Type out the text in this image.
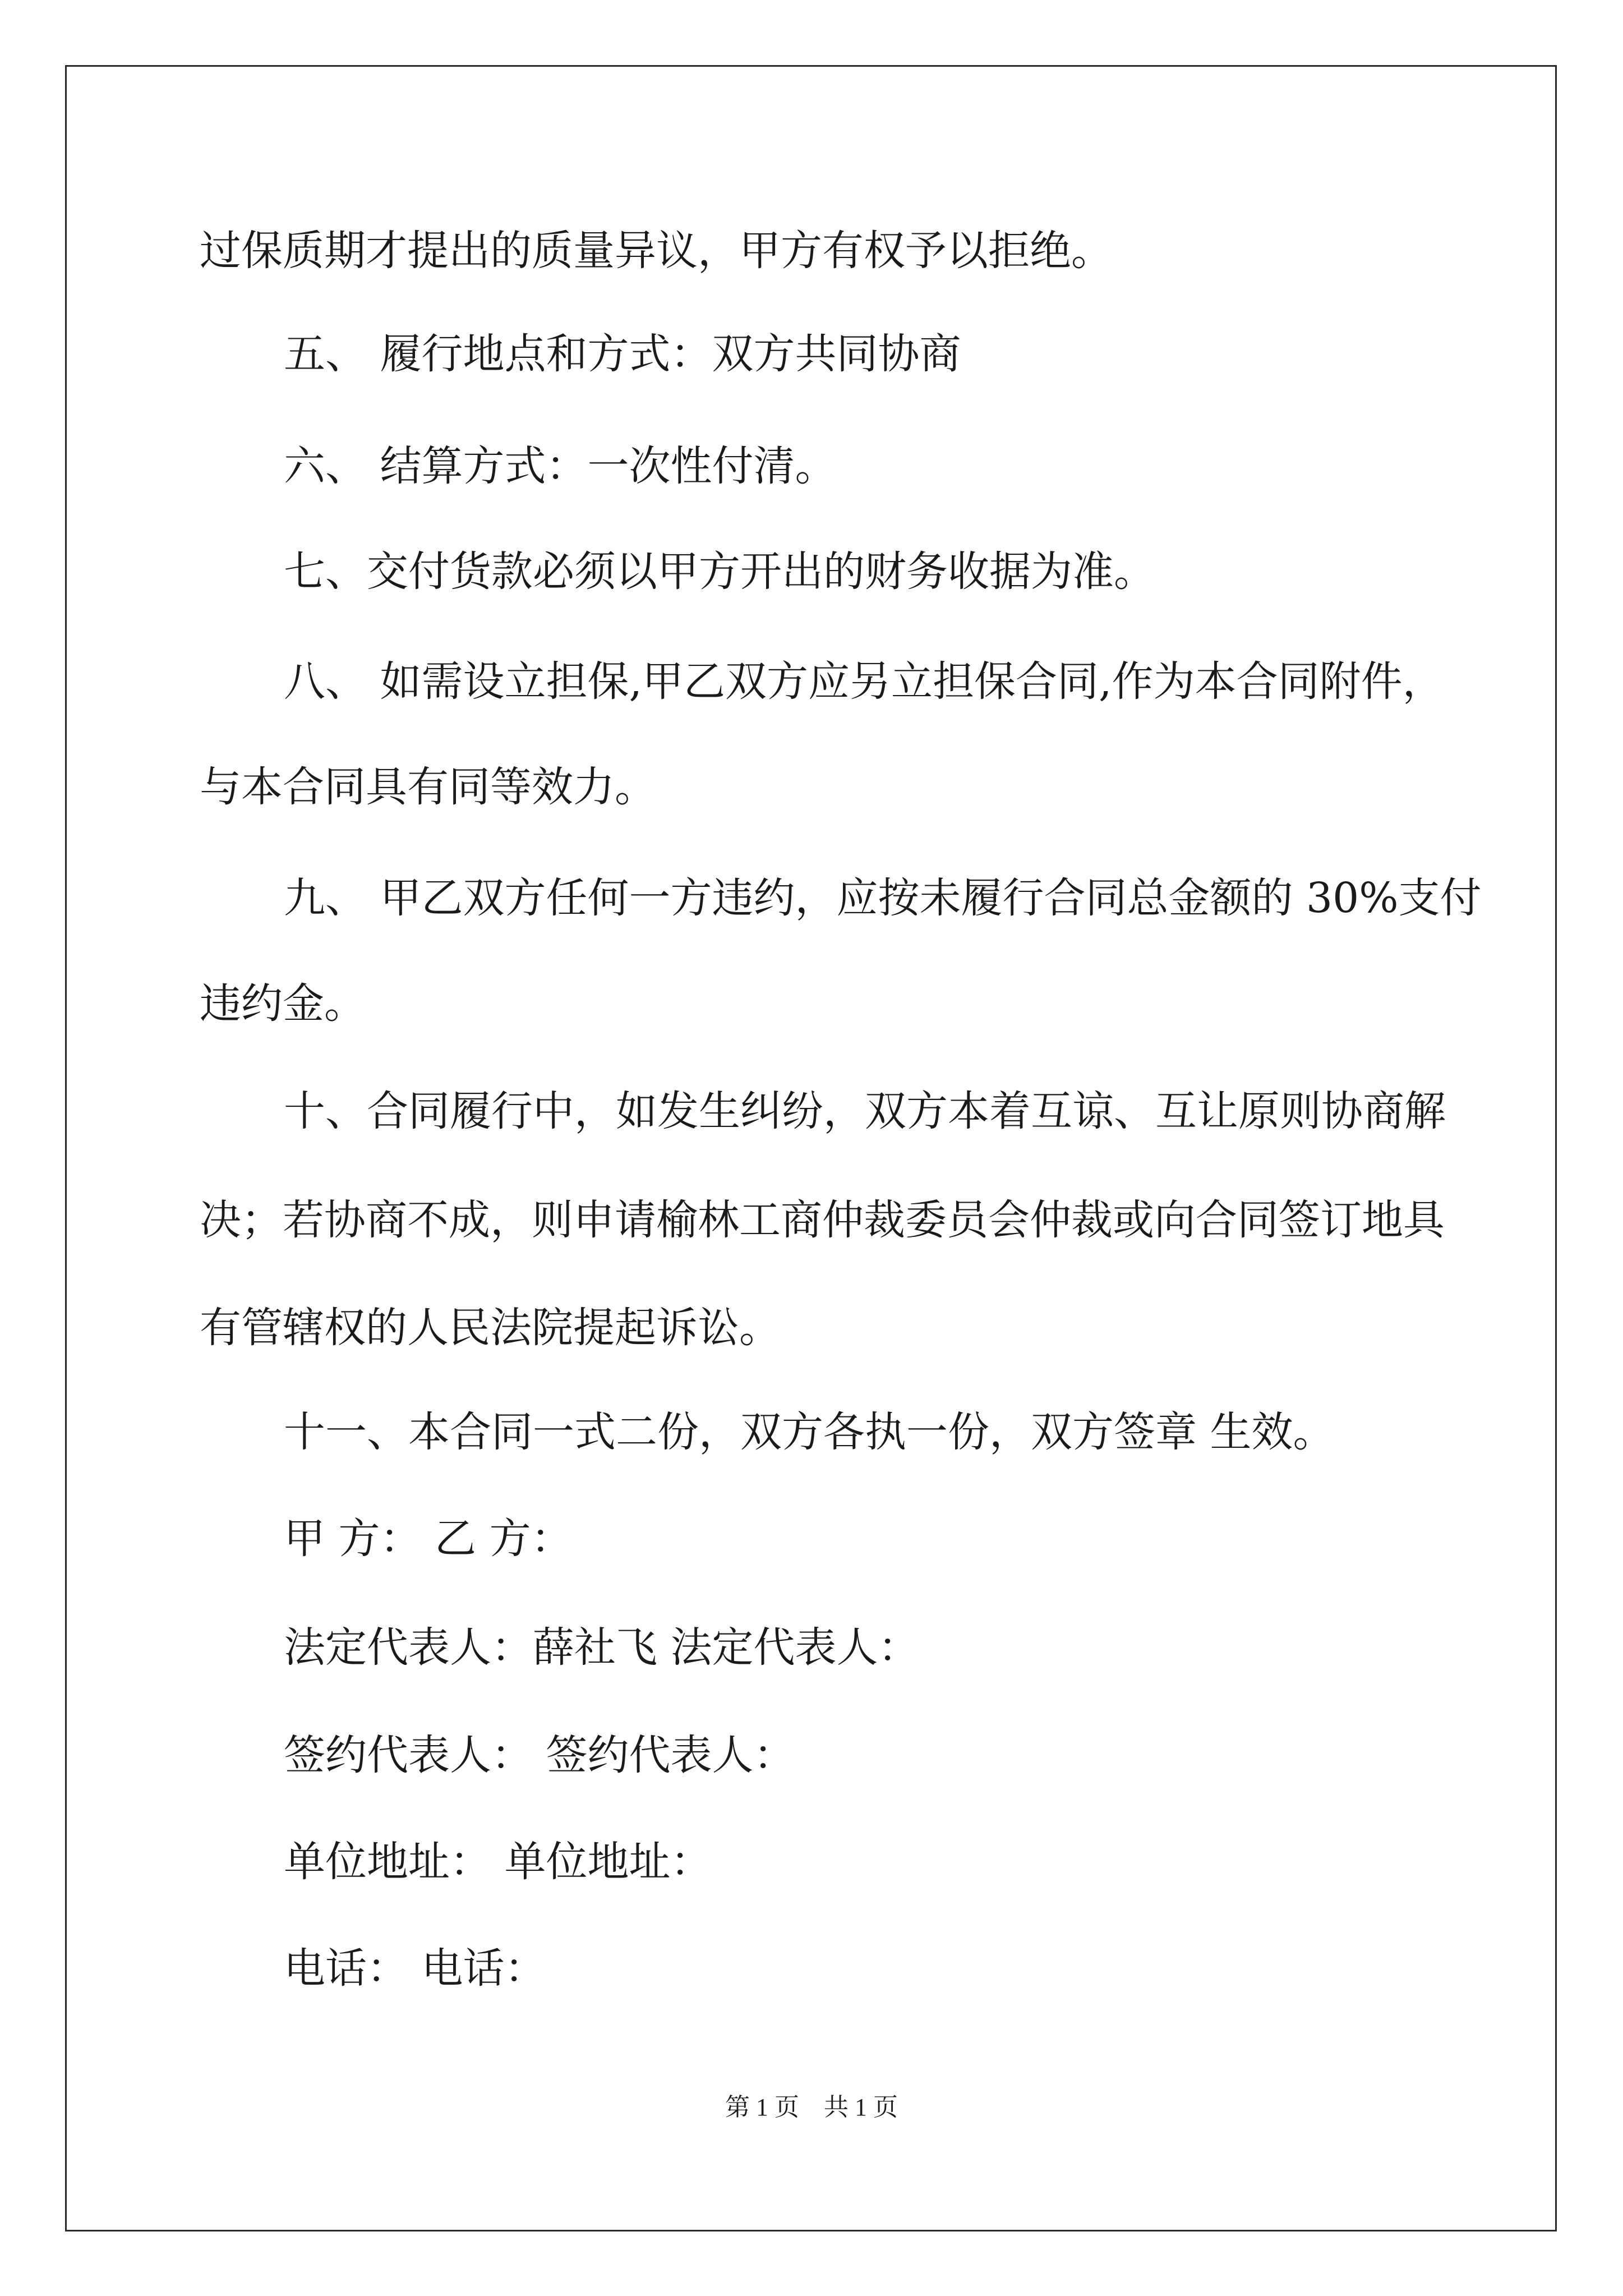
过保质期才提出的质量异议，甲方有权予以拒绝。
五、 履行地点和方式：双方共同协商
六、 结算方式：一次性付清。
七、交付货款必须以甲方开出的财务收据为准。
八、 如需设立担保,甲乙双方应另立担保合同,作为本合同附件，
与本合同具有同等效力。
九、 甲乙双方任何一方违约，应按未履行合同总金额的 30%支付
违约金。
十、合同履行中，如发生纠纷，双方本着互谅、互让原则协商解
决；若协商不成，则申请榆林工商仲裁委员会仲裁或向合同签订地具
有管辖权的人民法院提起诉讼。
十一、本合同一式二份，双方各执一份，双方签章 生效。
甲 方： 乙 方：
法定代表人：薛社飞 法定代表人：
签约代表人： 签约代表人：
单位地址： 单位地址：
电话： 电话：
第 1 页 共 1 页
